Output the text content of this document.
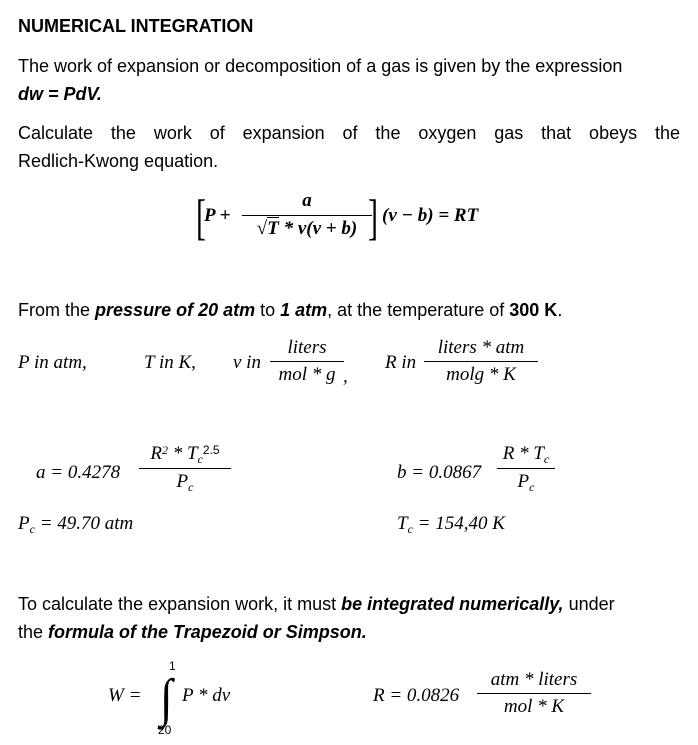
NUMERICAL INTEGRATION
The work of expansion or decomposition of a gas is given by the expression
dw = PdV.
Calculate the work of expansion of the oxygen gas that obeys the
Redlich-Kwong equation.
[
P +
a
√T * v(v + b) ] (v − b) = RT
From the pressure of 20 atm to 1 atm, at the temperature of 300 K.
P in atm,	T in K, v in
liters
mol * g ,
R in
liters * atm
molg * K
a = 0.4278
$R^2 * T_c^{2.5}$
$P_c$
b = 0.0867
R * $T_c$
$P_c$
$P_c = 49.70$ atm	$T_c = 154,40$ K
To calculate the expansion work, it must be integrated numerically, under
the formula of the Trapezoid or Simpson.
W = ∫
1
20
P * dv	R = 0.0826
atm * liters
mol * K
